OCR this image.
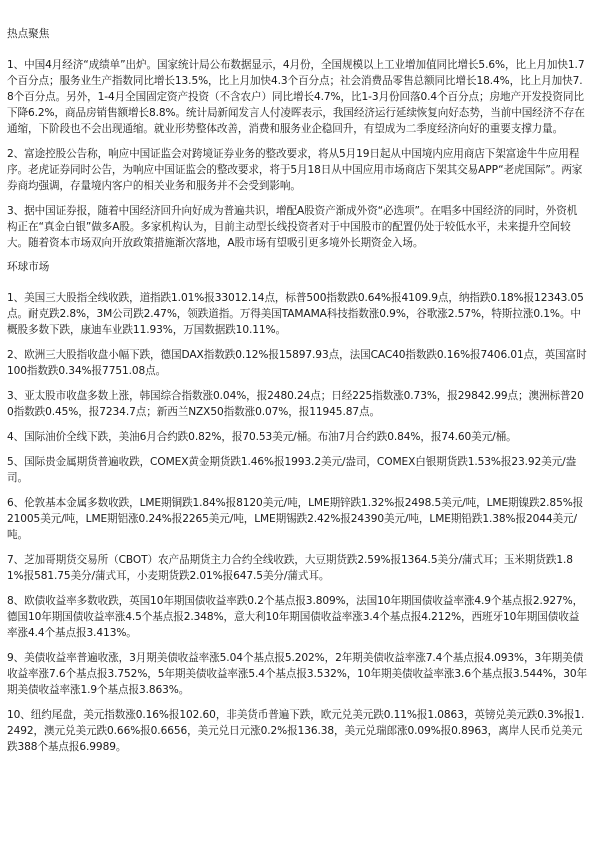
热点聚焦

1、中国4月经济“成绩单”出炉。国家统计局公布数据显示，4月份，全国规模以上工业增加值同比增长5.6%，比上月加快1.7个百分点；服务业生产指数同比增长13.5%，比上月加快4.3个百分点；社会消费品零售总额同比增长18.4%，比上月加快7.8个百分点。另外，1-4月全国固定资产投资（不含农户）同比增长4.7%，比1-3月份回落0.4个百分点；房地产开发投资同比下降6.2%，商品房销售额增长8.8%。统计局新闻发言人付凌晖表示，我国经济运行延续恢复向好态势，当前中国经济不存在通缩，下阶段也不会出现通缩。就业形势整体改善，消费和服务业企稳回升，有望成为二季度经济向好的重要支撑力量。

2、富途控股公告称，响应中国证监会对跨境证券业务的整改要求，将从5月19日起从中国境内应用商店下架富途牛牛应用程序。老虎证券同时公告，为响应中国证监会的整改要求，将于5月18日从中国应用市场商店下架其交易APP“老虎国际”。两家券商均强调，存量境内客户的相关业务和服务并不会受到影响。

3、据中国证券报，随着中国经济回升向好成为普遍共识，增配A股资产渐成外资“必选项”。在唱多中国经济的同时，外资机构正在“真金白银”做多A股。多家机构认为，目前主动型长线投资者对于中国股市的配置仍处于较低水平，未来提升空间较大。随着资本市场双向开放政策措施渐次落地，A股市场有望吸引更多境外长期资金入场。

环球市场

1、美国三大股指全线收跌，道指跌1.01%报33012.14点，标普500指数跌0.64%报4109.9点，纳指跌0.18%报12343.05点。耐克跌2.8%，3M公司跌2.47%，领跌道指。万得美国TAMAMA科技指数涨0.9%，谷歌涨2.57%，特斯拉涨0.1%。中概股多数下跌，康迪车业跌11.93%，万国数据跌10.11%。

2、欧洲三大股指收盘小幅下跌，德国DAX指数跌0.12%报15897.93点，法国CAC40指数跌0.16%报7406.01点，英国富时100指数跌0.34%报7751.08点。

3、亚太股市收盘多数上涨，韩国综合指数涨0.04%，报2480.24点；日经225指数涨0.73%，报29842.99点；澳洲标普200指数跌0.45%，报7234.7点；新西兰NZX50指数涨0.07%，报11945.87点。

4、国际油价全线下跌，美油6月合约跌0.82%，报70.53美元/桶。布油7月合约跌0.84%，报74.60美元/桶。

5、国际贵金属期货普遍收跌，COMEX黄金期货跌1.46%报1993.2美元/盎司，COMEX白银期货跌1.53%报23.92美元/盎司。

6、伦敦基本金属多数收跌，LME期铜跌1.84%报8120美元/吨，LME期锌跌1.32%报2498.5美元/吨，LME期镍跌2.85%报21005美元/吨，LME期铝涨0.24%报2265美元/吨，LME期锡跌2.42%报24390美元/吨，LME期铅跌1.38%报2044美元/吨。

7、芝加哥期货交易所（CBOT）农产品期货主力合约全线收跌，大豆期货跌2.59%报1364.5美分/蒲式耳；玉米期货跌1.81%报581.75美分/蒲式耳，小麦期货跌2.01%报647.5美分/蒲式耳。

8、欧债收益率多数收跌，英国10年期国债收益率跌0.2个基点报3.809%，法国10年期国债收益率涨4.9个基点报2.927%，德国10年期国债收益率涨4.5个基点报2.348%，意大利10年期国债收益率涨3.4个基点报4.212%，西班牙10年期国债收益率涨4.4个基点报3.413%。

9、美债收益率普遍收涨，3月期美债收益率涨5.04个基点报5.202%，2年期美债收益率涨7.4个基点报4.093%，3年期美债收益率涨7.6个基点报3.752%，5年期美债收益率涨5.4个基点报3.532%，10年期美债收益率涨3.6个基点报3.544%，30年期美债收益率涨1.9个基点报3.863%。

10、纽约尾盘，美元指数涨0.16%报102.60，非美货币普遍下跌，欧元兑美元跌0.11%报1.0863，英镑兑美元跌0.3%报1.2492，澳元兑美元跌0.66%报0.6656，美元兑日元涨0.2%报136.38，美元兑瑞郎涨0.09%报0.8963，离岸人民币兑美元跌388个基点报6.9989。
